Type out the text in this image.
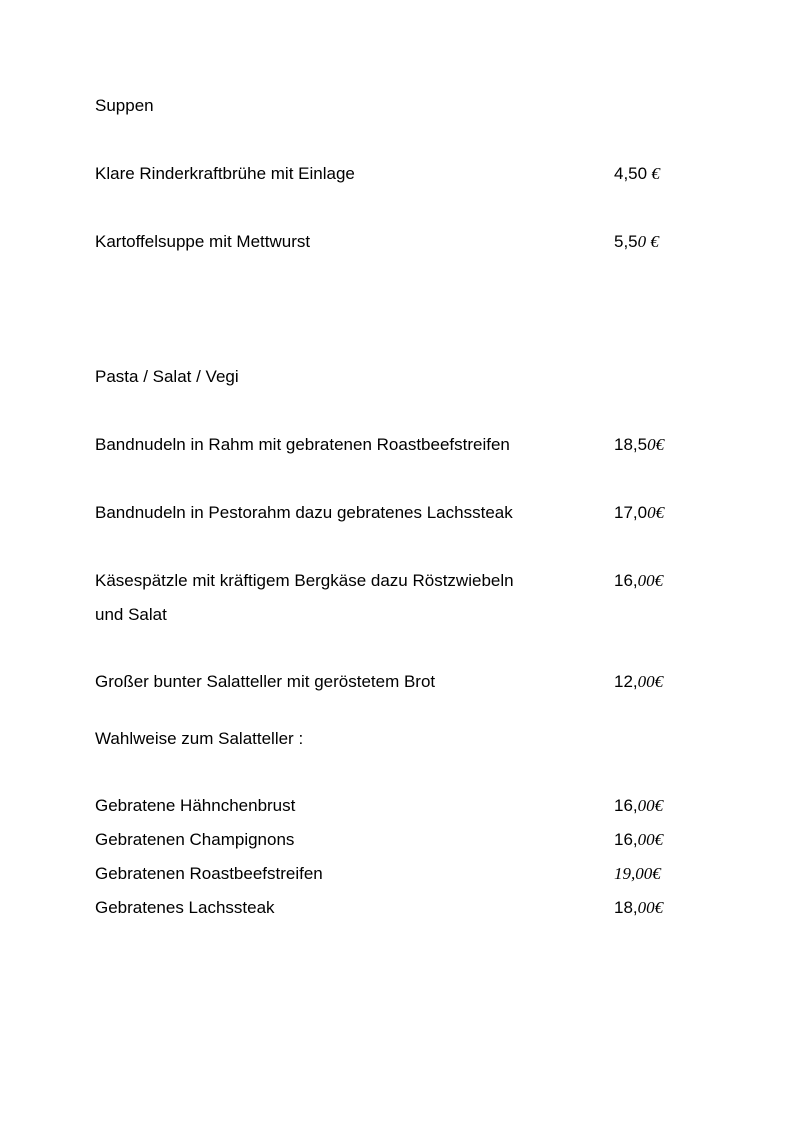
Suppen
Klare Rinderkraftbrühe mit Einlage	4,50 €
Kartoffelsuppe mit Mettwurst	5,50 €
Pasta / Salat / Vegi
Bandnudeln in Rahm mit gebratenen Roastbeefstreifen	18,50€
Bandnudeln in Pestorahm dazu gebratenes Lachssteak	17,00€
Käsespätzle mit kräftigem Bergkäse dazu Röstzwiebeln	16,00€
und Salat
Großer bunter Salatteller mit geröstetem Brot	12,00€
Wahlweise zum Salatteller :
Gebratene Hähnchenbrust	16,00€
Gebratenen Champignons	16,00€
Gebratenen Roastbeefstreifen	19,00€
Gebratenes Lachssteak	18,00€
